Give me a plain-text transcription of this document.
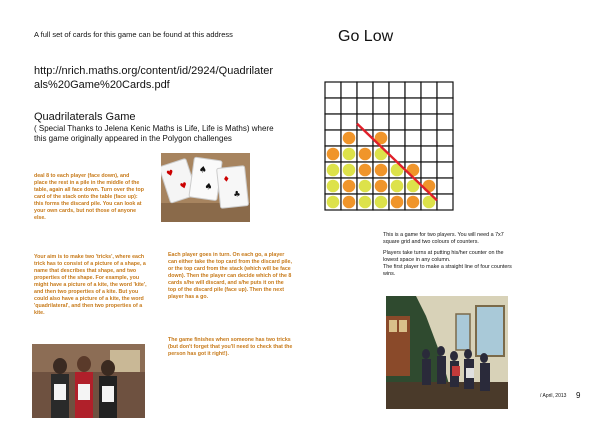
A full set of cards for this game can be found at this address
http://nrich.maths.org/content/id/2924/Quadrilaterals%20Game%20Cards.pdf
Quadrilaterals Game
( Special Thanks to Jelena Kenic Maths is Life, Life is Maths) where this game originally appeared in the Polygon challenges
deal 8 to each player (face down), and place the rest in a pile in the middle of the table, again all face down. Turn over the top card of the stack onto the table (face up): this forms the discard pile. You can look at your own cards, but not those of anyone else.
♥
♥
♠
♠
♦
♣
Your aim is to make two 'tricks', where each trick has to consist of a picture of a shape, a name that describes that shape, and two properties of the shape. For example, you might have a picture of a kite, the word 'kite', and then two properties of a kite. But you could also have a picture of a kite, the word 'quadrilateral', and then two properties of a kite.
Each player goes in turn. On each go, a player can either take the top card from the discard pile, or the top card from the stack (which will be face down). Then the player can decide which of the 8 cards s/he will discard, and s/he puts it on the top of the discard pile (face up). Then the next player has a go.
The game finishes when someone has two tricks (but don't forget that you'll need to check that the person has got it right!).
Go Low

This is a game for two players. You will need a 7x7 square grid and two colours of counters.

Players take turns at putting his/her counter on the lowest space in any column.

The first player to make a straight line of four counters wins.

/ April, 2013 9
